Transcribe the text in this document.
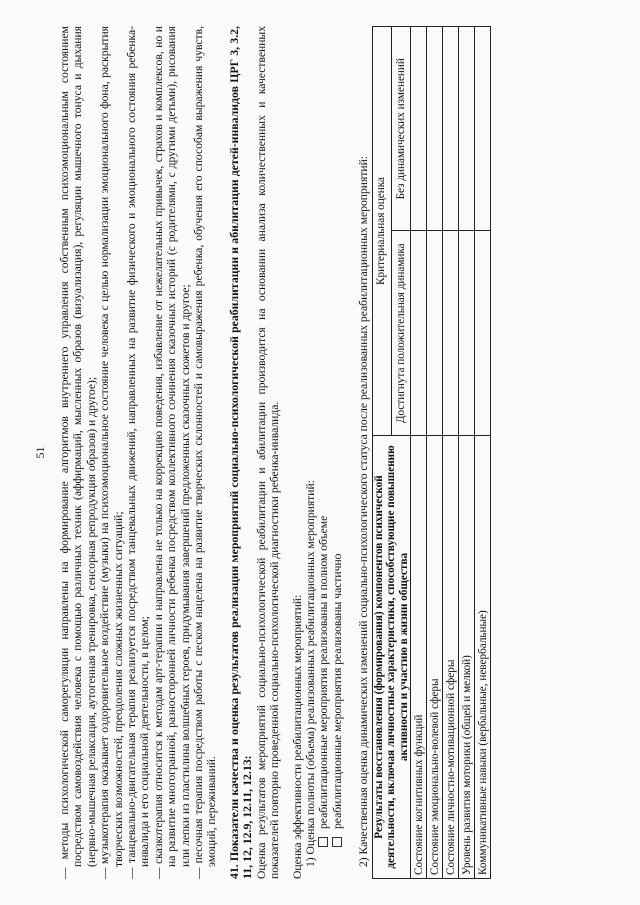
51 — методы психологической саморегуляции направлены на формирование алгоритмов внутреннего управления собственным психоэмоциональным состоянием посредством самовоздействия человека с помощью различных техник (аффирмаций, мысленных образов (визуализация), регуляции мышечного тонуса и дыхания (нервно-мышечная релаксация, аутогенная тренировка, сенсорная репродукция образов) и другое); — музыкотерапия оказывает оздоровительное воздействие (музыки) на психоэмоциональное состояние человека с целью нормализации эмоционального фона, раскрытия творческих возможностей, преодоления сложных жизненных ситуаций; — танцевально-двигательная терапия реализуется посредством танцевальных движений, направленных на развитие физического и эмоционального состояния ребенка-инвалида и его социальной деятельности, в целом; — сказкотерапия относится к методам арт-терапии и направлена не только на коррекцию поведения, избавление от нежелательных привычек, страхов и комплексов, но и на развитие многогранной, разносторонней личности ребенка посредством коллективного сочинения сказочных историй (с родителями, с другими детьми), рисования или лепки из пластилина волшебных героев, придумывания завершений предложенных сказочных сюжетов и другое; — песочная терапия посредством работы с песком нацелена на развитие творческих склонностей и самовыражения ребенка, обучения его способам выражения чувств, эмоций, переживаний. 41. Показатели качества и оценка результатов реализации мероприятий социально-психологической реабилитации и абилитации детей-инвалидов ЦРГ 3, 3.2, 11, 12, 12.9, 12.11, 12.13: Оценка результатов мероприятий социально-психологической реабилитации и абилитации производится на основании анализа количественных и качественных показателей повторно проведенной социально-психологической диагностики ребенка-инвалида. Оценка эффективности реабилитационных мероприятий: 1) Оценка полноты (объема) реализованных реабилитационных мероприятий: реабилитационные мероприятия реализованы в полном объеме реабилитационные мероприятия реализованы частично 2) Качественная оценка динамических изменений социально-психологического статуса после реализованных реабилитационных мероприятий: Результаты восстановления (формирования) компонентов психической деятельности, включая личностные характеристики, способствующие повышению активности и участию в жизни общества	Критериальная оценка	
	Достигнута положительная динамика	Без динамических изменений
Состояние когнитивных функций		
Состояние эмоционально-волевой сферы		
Состояние личностно-мотивационной сферы		
Уровень развития моторики (общей и мелкой)		
Коммуникативные навыки (вербальные, невербальные)		
